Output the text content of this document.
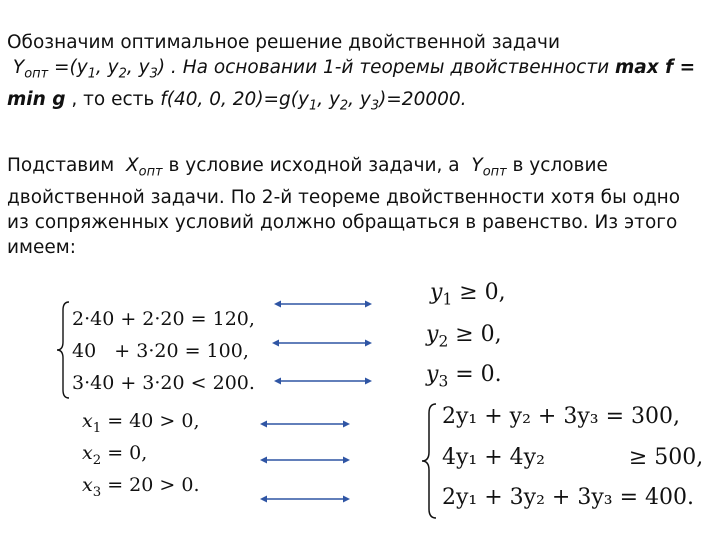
Обозначим оптимальное решение двойственной задачи
$Y_{опт} =(y_1$, $y_2$, $y_3$) . На основании 1-й теоремы двойственности max f =
min g , то есть f(40, 0, $20)=g(y_1$, $y_2$, $y_3)=20000$.
Подставим  $X_{опт}$ в условие исходной задачи, а  $Y_{опт}$ в условие
двойственной задачи. По 2-й теореме двойственности хотя бы одно
из сопряженных условий должно обращаться в равенство. Из этого
имеем:
2·40 + 2·20 = 120,
40   + 3·20 = 100,
3·40 + 3·20 < 200.
$x_1 = 40 > 0$,
$x_2 = 0$,
$x_3 = 20 > 0$.
$y_1 \ge 0$,
$y_2 \ge 0$,
$y_3 = 0$.
2y₁ + y₂ + 3y₃ = 300,
4y₁ + 4y₂            ≥ 500,
2y₁ + 3y₂ + 3y₃ = 400.
